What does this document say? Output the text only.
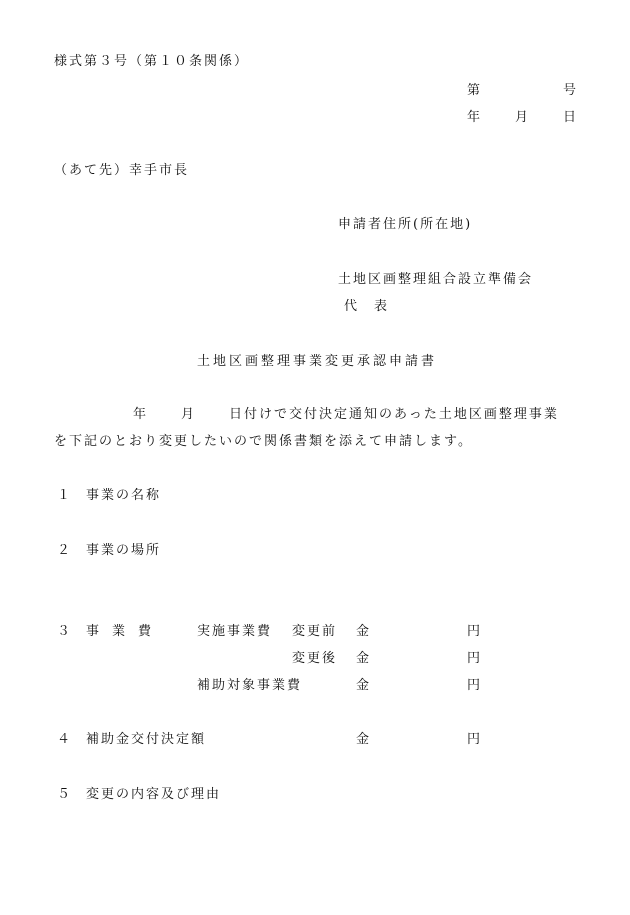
様式第３号（第１０条関係）
第	号
年	月	日
（あて先）幸手市長
申請者住所(所在地)
土地区画整理組合設立準備会
代　表
土地区画整理事業変更承認申請書
年	月	日付けで交付決定通知のあった土地区画整理事業
を下記のとおり変更したいので関係書類を添えて申請します。
１ 事業の名称
２ 事業の場所
３ 事　業　費	実施事業費 変更前 金	円
変更後 金	円
補助対象事業費	金	円
４ 補助金交付決定額	金	円
５ 変更の内容及び理由
